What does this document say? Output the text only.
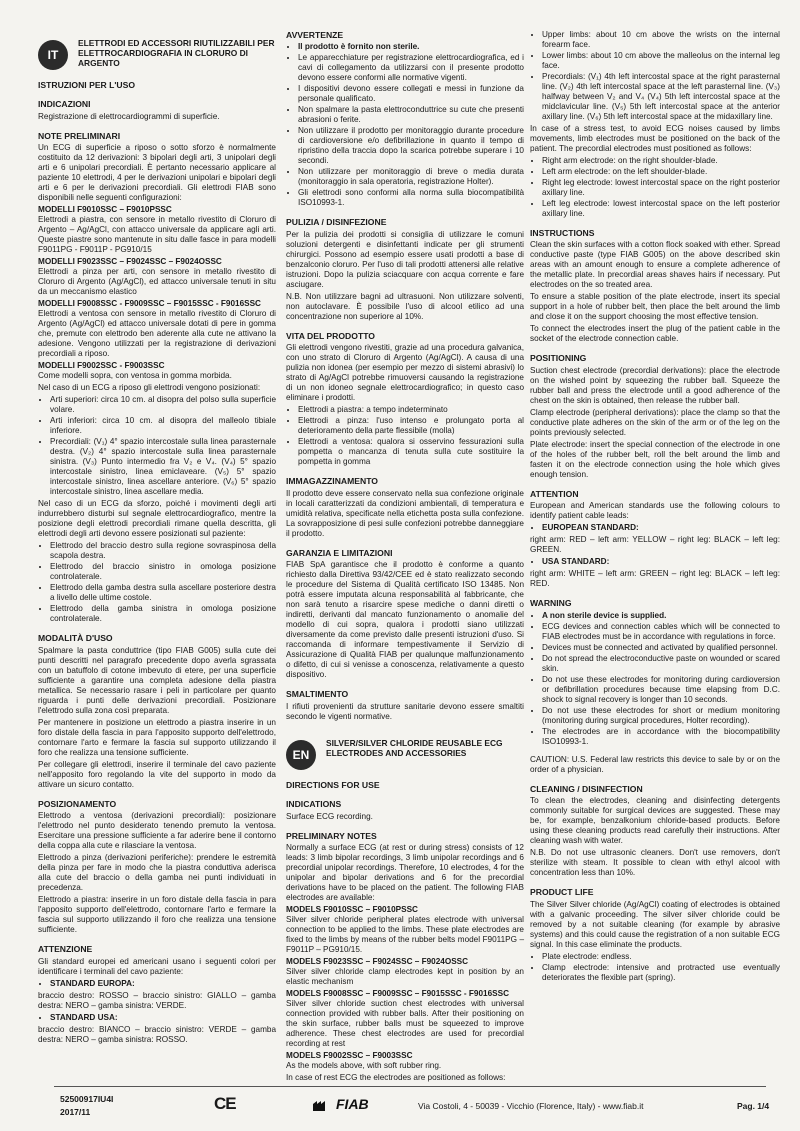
IT
ELETTRODI ED ACCESSORI RIUTILIZZABILI PER ELETTROCARDIOGRAFIA IN CLORURO DI ARGENTO
ISTRUZIONI PER L'USO
INDICAZIONI

Registrazione di elettrocardiogrammi di superficie.

NOTE PRELIMINARI

Un ECG di superficie a riposo o sotto sforzo è normalmente costituito da 12 derivazioni: 3 bipolari degli arti, 3 unipolari degli arti e 6 unipolari precordiali. È pertanto necessario applicare al paziente 10 elettrodi, 4 per le derivazioni unipolari e bipolari degli arti e 6 per le derivazioni precordiali. Gli elettrodi FIAB sono disponibili nelle seguenti configurazioni:

MODELLI F9010SSC – F9010PSSC

Elettrodi a piastra, con sensore in metallo rivestito di Cloruro di Argento – Ag/AgCl, con attacco universale da applicare agli arti. Queste piastre sono mantenute in situ dalle fasce in para modelli F9011PG - F9011P - PG910/15

MODELLI F9023SSC – F9024SSC – F9024OSSC

Elettrodi a pinza per arti, con sensore in metallo rivestito di Cloruro di Argento (Ag/AgCl), ed attacco universale tenuti in situ da un meccanismo elastico

MODELLI F9008SSC - F9009SSC – F9015SSC - F9016SSC

Elettrodi a ventosa con sensore in metallo rivestito di Cloruro di Argento (Ag/AgCl) ed attacco universale dotati di pere in gomma che, premute con elettrodo ben aderente alla cute ne attivano la adesione. Vengono utilizzati per la registrazione di derivazioni precordiali a riposo.

MODELLI F9002SSC - F9003SSC

Come modelli sopra, con ventosa in gomma morbida.

Nel caso di un ECG a riposo gli elettrodi vengono posizionati:

• Arti superiori: circa 10 cm. al disopra del polso sulla superficie volare.
• Arti inferiori: circa 10 cm. al disopra del malleolo tibiale inferiore.
• Precordiali: (V₁) 4° spazio intercostale sulla linea parasternale destra. (V₂) 4° spazio intercostale sulla linea parasternale sinistra. (V₃) Punto intermedio fra V₂ e V₄. (V₄) 5° spazio intercostale sinistro, linea emiclaveare. (V₅) 5° spazio intercostale sinistro, linea ascellare anteriore. (V₆) 5° spazio intercostale sinistro, linea ascellare media.

Nel caso di un ECG da sforzo, poiché i movimenti degli arti indurrebbero disturbi sul segnale elettrocardiografico, mentre la posizione degli elettrodi precordiali rimane quella descritta, gli elettrodi degli arti devono essere posizionati sul paziente:

• Elettrodo del braccio destro sulla regione sovraspinosa della scapola destra.
• Elettrodo del braccio sinistro in omologa posizione controlaterale.
• Elettrodo della gamba destra sulla ascellare posteriore destra a livello delle ultime costole.
• Elettrodo della gamba sinistra in omologa posizione controlaterale.
MODALITÀ D'USO

Spalmare la pasta conduttrice (tipo FIAB G005) sulla cute dei punti descritti nel paragrafo precedente dopo averla sgrassata con un batuffolo di cotone imbevuto di etere, per una superficie sufficiente a garantire una completa adesione della piastra metallica. Se necessario rasare i peli in particolare per quanto riguarda i punti delle derivazioni precordiali. Posizionare l'elettrodo sulla zona così preparata.

Per mantenere in posizione un elettrodo a piastra inserire in un foro distale della fascia in para l'apposito supporto dell'elettrodo, contornare l'arto e fermare la fascia sul supporto utilizzando il foro che realizza una tensione sufficiente.

Per collegare gli elettrodi, inserire il terminale del cavo paziente nell'apposito foro regolando la vite del supporto in modo da attivare un sicuro contatto.

POSIZIONAMENTO

Elettrodo a ventosa (derivazioni precordiali): posizionare l'elettrodo nel punto desiderato tenendo premuto la ventosa. Esercitare una pressione sufficiente a far aderire bene il contorno della coppa alla cute e rilasciare la ventosa.

Elettrodo a pinza (derivazioni periferiche): prendere le estremità della pinza per fare in modo che la piastra conduttiva aderisca alla cute del braccio o della gamba nei punti individuati in precedenza.

Elettrodo a piastra: inserire in un foro distale della fascia in para l'apposito supporto dell'elettrodo, contornare l'arto e fermare la fascia sul supporto utilizzando il foro che realizza una tensione sufficiente.

ATTENZIONE

Gli standard europei ed americani usano i seguenti colori per identificare i terminali del cavo paziente:

• STANDARD EUROPA:

braccio destro: ROSSO – braccio sinistro: GIALLO – gamba destra: NERO – gamba sinistra: VERDE.

• STANDARD USA:

braccio destro: BIANCO – braccio sinistro: VERDE – gamba destra: NERO – gamba sinistra: ROSSO.

AVVERTENZE
• Il prodotto è fornito non sterile.
• Le apparecchiature per registrazione elettrocardiografica, ed i cavi di collegamento da utilizzarsi con il presente prodotto devono essere conformi alle normative vigenti.
• I dispositivi devono essere collegati e messi in funzione da personale qualificato.
• Non spalmare la pasta elettroconduttrice su cute che presenti abrasioni o ferite.
• Non utilizzare il prodotto per monitoraggio durante procedure di cardioversione e/o defibrillazione in quanto il tempo di ripristino della traccia dopo la scarica potrebbe superare i 10 secondi.
• Non utilizzare per monitoraggio di breve o media durata (monitoraggio in sala operatoria, registrazione Holter).
• Gli elettrodi sono conformi alla norma sulla biocompatibilità ISO10993-1.
PULIZIA / DISINFEZIONE

Per la pulizia dei prodotti si consiglia di utilizzare le comuni soluzioni detergenti e disinfettanti indicate per gli strumenti chirurgici. Possono ad esempio essere usati prodotti a base di benzalconio cloruro. Per l'uso di tali prodotti attenersi alle relative istruzioni. Dopo la pulizia sciacquare con acqua corrente e fare asciugare.

N.B. Non utilizzare bagni ad ultrasuoni. Non utilizzare solventi, non autoclavare. È possibile l'uso di alcool etilico ad una concentrazione non superiore al 10%.

VITA DEL PRODOTTO

Gli elettrodi vengono rivestiti, grazie ad una procedura galvanica, con uno strato di Cloruro di Argento (Ag/AgCl). A causa di una pulizia non idonea (per esempio per mezzo di sistemi abrasivi) lo strato di Ag/AgCl potrebbe rimuoversi causando la registrazione di un non idoneo segnale elettrocardiografico; in questo caso eliminare i prodotti.

• Elettrodi a piastra: a tempo indeterminato
• Elettrodi a pinza: l'uso intenso e prolungato porta al deterioramento della parte flessibile (molla)
• Elettrodi a ventosa: qualora si osservino fessurazioni sulla pompetta o mancanza di tenuta sulla cute sostituire la pompetta in gomma
IMMAGAZZINAMENTO

Il prodotto deve essere conservato nella sua confezione originale in locali caratterizzati da condizioni ambientali, di temperatura e umidità relativa, specificate nella etichetta posta sulla confezione. La sovrapposizione di pesi sulle confezioni potrebbe danneggiare il prodotto.

GARANZIA E LIMITAZIONI

FIAB SpA garantisce che il prodotto è conforme a quanto richiesto dalla Direttiva 93/42/CEE ed è stato realizzato secondo le procedure del Sistema di Qualità certificato ISO 13485. Non potrà essere imputata alcuna responsabilità al fabbricante, che non sarà tenuto a risarcire spese mediche o danni diretti o indiretti, derivanti dal mancato funzionamento o anomalie del modello di cui sopra, qualora i prodotti siano utilizzati diversamente da come previsto dalle presenti istruzioni d'uso. Si raccomanda di informare tempestivamente il Servizio di Assicurazione di Qualità FIAB per qualunque malfunzionamento o difetto, di cui si venisse a conoscenza, relativamente a questo dispositivo.

SMALTIMENTO

I rifiuti provenienti da strutture sanitarie devono essere smaltiti secondo le vigenti normative.

EN
SILVER/SILVER CHLORIDE REUSABLE ECG ELECTRODES AND ACCESSORIES
DIRECTIONS FOR USE
INDICATIONS

Surface ECG recording.

PRELIMINARY NOTES

Normally a surface ECG (at rest or during stress) consists of 12 leads: 3 limb bipolar recordings, 3 limb unipolar recordings and 6 precordial unipolar recordings. Therefore, 10 electrodes, 4 for the unipolar and bipolar derivations and 6 for the precordial derivations have to be placed on the patient. The following FIAB electrodes are available:

MODELS F9010SSC – F9010PSSC

Silver silver chloride peripheral plates electrode with universal connection to be applied to the limbs. These plate electrodes are fixed to the limbs by means of the rubber belts model F9011PG – F9011P – PG910/15.

MODELS F9023SSC – F9024SSC – F9024OSSC

Silver silver chloride clamp electrodes kept in position by an elastic mechanism

MODELS F9008SSC – F9009SSC – F9015SSC - F9016SSC

Silver silver chloride suction chest electrodes with universal connection provided with rubber balls. After their positioning on the skin surface, rubber balls must be squeezed to improve adherence. These chest electrodes are used for precordial recording at rest

MODELS F9002SSC – F9003SSC

As the models above, with soft rubber ring.

In case of rest ECG the electrodes are positioned as follows:

• Upper limbs: about 10 cm above the wrists on the internal forearm face.
• Lower limbs: about 10 cm above the malleolus on the internal leg face.
• Precordials: (V₁) 4th left intercostal space at the right parasternal line. (V₂) 4th left intercostal space at the left parasternal line. (V₃) halfway between V₂ and V₄ (V₄) 5th left intercostal space at the midclavicular line. (V₅) 5th left intercostal space at the anterior axillary line. (V₆) 5th left intercostal space at the midaxillary line.

In case of a stress test, to avoid ECG noises caused by limbs movements, limb electrodes must be positioned on the back of the patient. The precordial electrodes must positioned as follows:

• Right arm electrode: on the right shoulder-blade.
• Left arm electrode: on the left shoulder-blade.
• Right leg electrode: lowest intercostal space on the right posterior axillary line.
• Left leg electrode: lowest intercostal space on the left posterior axillary line.
INSTRUCTIONS

Clean the skin surfaces with a cotton flock soaked with ether. Spread conductive paste (type FIAB G005) on the above described skin areas with an amount enough to ensure a complete adherence of the metallic plate. In precordial areas shaves hairs if necessary. Put electrodes on the so treated area.

To ensure a stable position of the plate electrode, insert its special support in a hole of rubber belt, then place the belt around the limb and close it on the support choosing the most effective tension.

To connect the electrodes insert the plug of the patient cable in the socket of the electrode connection cable.

POSITIONING

Suction chest electrode (precordial derivations): place the electrode on the wished point by squeezing the rubber ball. Squeeze the rubber ball and press the electrode until a good adherence of the chest on the skin is obtained, then release the rubber ball.

Clamp electrode (peripheral derivations): place the clamp so that the conductive plate adheres on the skin of the arm or of the leg on the points previously selected.

Plate electrode: insert the special connection of the electrode in one of the holes of the rubber belt, roll the belt around the limb and fasten it on the electrode connection using the hole which gives enough tension.

ATTENTION

European and American standards use the following colours to identify patient cable leads:

• EUROPEAN STANDARD:

right arm: RED – left arm: YELLOW – right leg: BLACK – left leg: GREEN.

• USA STANDARD:

right arm: WHITE – left arm: GREEN – right leg: BLACK – left leg: RED.

WARNING
• A non sterile device is supplied.
• ECG devices and connection cables which will be connected to FIAB electrodes must be in accordance with regulations in force.
• Devices must be connected and activated by qualified personnel.
• Do not spread the electroconductive paste on wounded or scared skin.
• Do not use these electrodes for monitoring during cardioversion or defibrillation procedures because time elapsing from D.C. shock to signal recovery is longer than 10 seconds.
• Do not use these electrodes for short or medium monitoring (monitoring during surgical procedures, Holter recording).
• The electrodes are in accordance with the biocompatibility ISO10993-1.

CAUTION: U.S. Federal law restricts this device to sale by or on the order of a physician.

CLEANING / DISINFECTION

To clean the electrodes, cleaning and disinfecting detergents commonly suitable for surgical devices are suggested. These may be, for example, benzalkonium chloride-based products. Before using these cleaning products read carefully their instructions. After cleaning wash with water.

N.B. Do not use ultrasonic cleaners. Don't use removers, don't sterilize with steam. It possible to clean with ethyl alcool with concentration less than 10%.

PRODUCT LIFE

The Silver Silver chloride (Ag/AgCl) coating of electrodes is obtained with a galvanic proceeding. The silver silver chloride could be removed by a not suitable cleaning (for example by abrasive systems) and this could cause the registration of a non suitable ECG signal. In this case eliminate the products.

• Plate electrode: endless.
• Clamp electrode: intensive and protracted use eventually deteriorates the flexible part (spring).
52500917IU4I
2017/11	CE	FIAB	Via Costoli, 4 - 50039 - Vicchio (Florence, Italy) - www.fiab.it	Pag. 1/4
